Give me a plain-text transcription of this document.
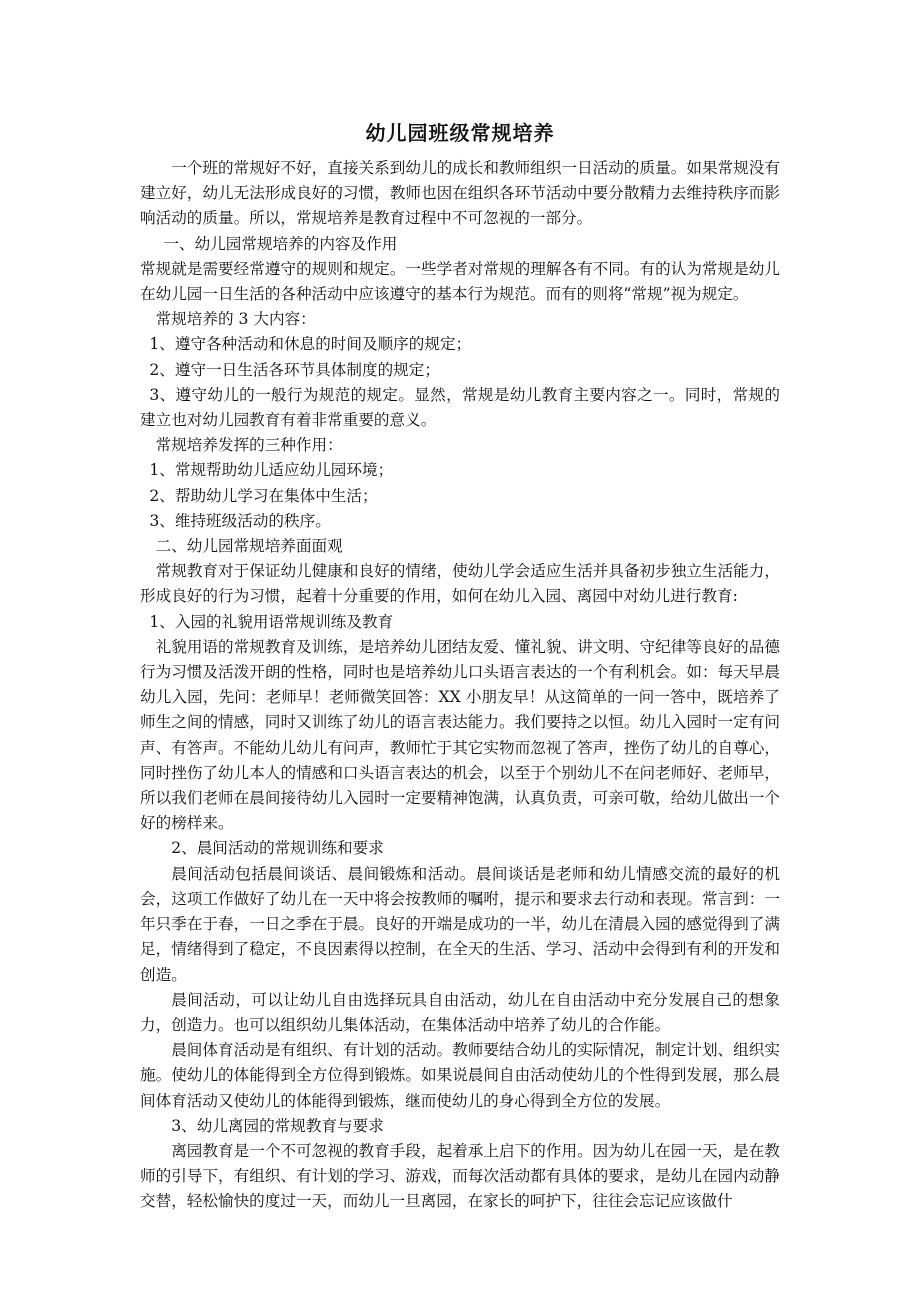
幼儿园班级常规培养

一个班的常规好不好，直接关系到幼儿的成长和教师组织一日活动的质量。如果常规没有建立好，幼儿无法形成良好的习惯，教师也因在组织各环节活动中要分散精力去维持秩序而影响活动的质量。所以，常规培养是教育过程中不可忽视的一部分。

一、幼儿园常规培养的内容及作用

常规就是需要经常遵守的规则和规定。一些学者对常规的理解各有不同。有的认为常规是幼儿在幼儿园一日生活的各种活动中应该遵守的基本行为规范。而有的则将“常规”视为规定。

常规培养的 3 大内容：

1、遵守各种活动和休息的时间及顺序的规定；

2、遵守一日生活各环节具体制度的规定；

3、遵守幼儿的一般行为规范的规定。显然，常规是幼儿教育主要内容之一。同时，常规的建立也对幼儿园教育有着非常重要的意义。

常规培养发挥的三种作用：

1、常规帮助幼儿适应幼儿园环境；

2、帮助幼儿学习在集体中生活；

3、维持班级活动的秩序。

二、幼儿园常规培养面面观

常规教育对于保证幼儿健康和良好的情绪，使幼儿学会适应生活并具备初步独立生活能力，形成良好的行为习惯，起着十分重要的作用，如何在幼儿入园、离园中对幼儿进行教育:

1、入园的礼貌用语常规训练及教育

礼貌用语的常规教育及训练，是培养幼儿团结友爱、懂礼貌、讲文明、守纪律等良好的品德行为习惯及活泼开朗的性格，同时也是培养幼儿口头语言表达的一个有利机会。如：每天早晨幼儿入园，先问：老师早！老师微笑回答：XX 小朋友早！从这简单的一问一答中，既培养了师生之间的情感，同时又训练了幼儿的语言表达能力。我们要持之以恒。幼儿入园时一定有问声、有答声。不能幼儿幼儿有问声，教师忙于其它实物而忽视了答声，挫伤了幼儿的自尊心，同时挫伤了幼儿本人的情感和口头语言表达的机会，以至于个别幼儿不在问老师好、老师早，所以我们老师在晨间接待幼儿入园时一定要精神饱满，认真负责，可亲可敬，给幼儿做出一个好的榜样来。

2、晨间活动的常规训练和要求

晨间活动包括晨间谈话、晨间锻炼和活动。晨间谈话是老师和幼儿情感交流的最好的机会，这项工作做好了幼儿在一天中将会按教师的嘱咐，提示和要求去行动和表现。常言到：一年只季在于春，一日之季在于晨。良好的开端是成功的一半，幼儿在清晨入园的感觉得到了满足，情绪得到了稳定，不良因素得以控制，在全天的生活、学习、活动中会得到有利的开发和创造。

晨间活动，可以让幼儿自由选择玩具自由活动，幼儿在自由活动中充分发展自己的想象力，创造力。也可以组织幼儿集体活动，在集体活动中培养了幼儿的合作能。

晨间体育活动是有组织、有计划的活动。教师要结合幼儿的实际情况，制定计划、组织实施。使幼儿的体能得到全方位得到锻炼。如果说晨间自由活动使幼儿的个性得到发展，那么晨间体育活动又使幼儿的体能得到锻炼，继而使幼儿的身心得到全方位的发展。

3、幼儿离园的常规教育与要求

离园教育是一个不可忽视的教育手段，起着承上启下的作用。因为幼儿在园一天，是在教师的引导下，有组织、有计划的学习、游戏，而每次活动都有具体的要求，是幼儿在园内动静交替，轻松愉快的度过一天，而幼儿一旦离园，在家长的呵护下，往往会忘记应该做什
